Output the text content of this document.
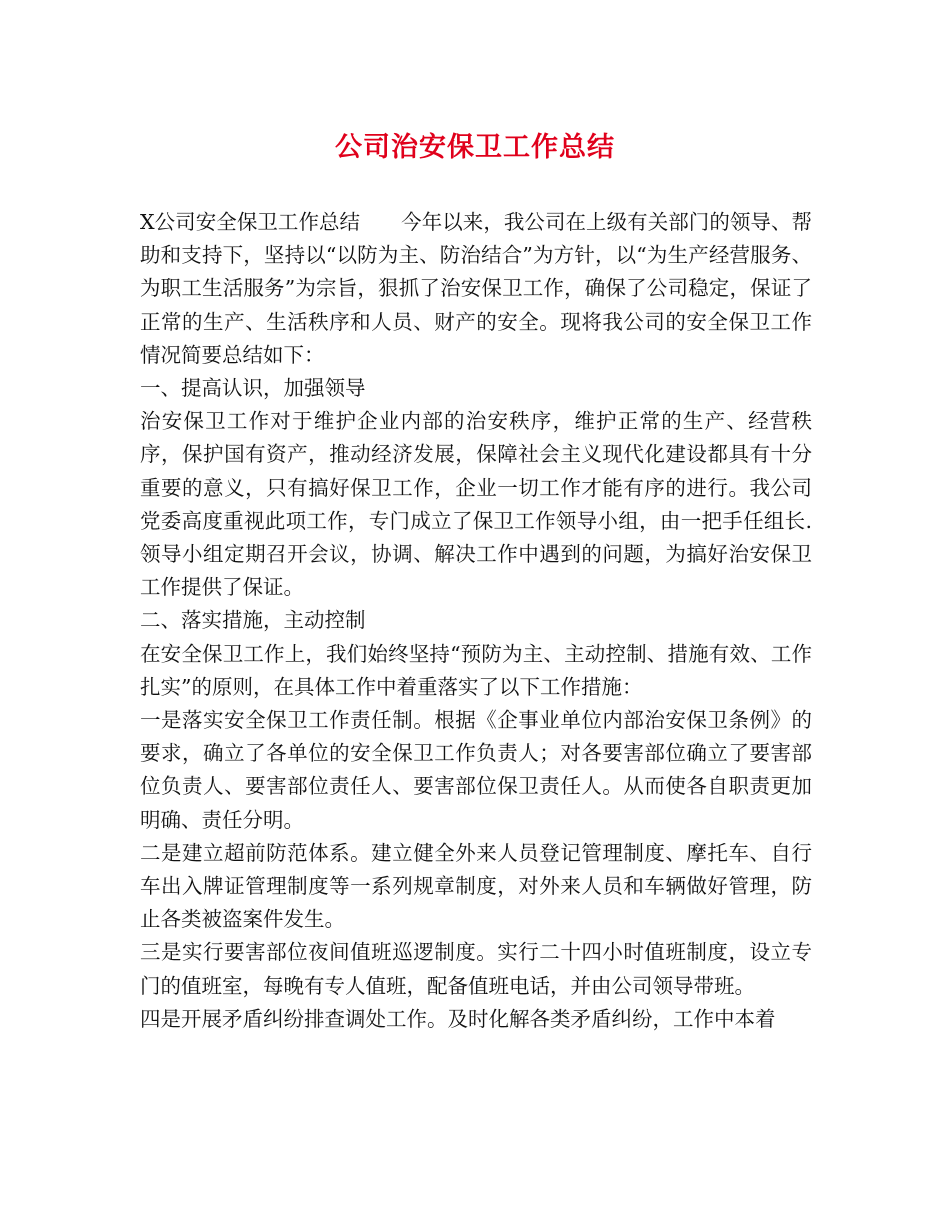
公司治安保卫工作总结

X公司安全保卫工作总结　　今年以来，我公司在上级有关部门的领导、帮助和支持下，坚持以“以防为主、防治结合”为方针，以“为生产经营服务、为职工生活服务”为宗旨，狠抓了治安保卫工作，确保了公司稳定，保证了正常的生产、生活秩序和人员、财产的安全。现将我公司的安全保卫工作情况简要总结如下：

一、提高认识，加强领导

治安保卫工作对于维护企业内部的治安秩序，维护正常的生产、经营秩序，保护国有资产，推动经济发展，保障社会主义现代化建设都具有十分重要的意义，只有搞好保卫工作，企业一切工作才能有序的进行。我公司党委高度重视此项工作，专门成立了保卫工作领导小组，由一把手任组长.领导小组定期召开会议，协调、解决工作中遇到的问题，为搞好治安保卫工作提供了保证。

二、落实措施，主动控制

在安全保卫工作上，我们始终坚持“预防为主、主动控制、措施有效、工作扎实”的原则，在具体工作中着重落实了以下工作措施：

一是落实安全保卫工作责任制。根据《企事业单位内部治安保卫条例》的要求，确立了各单位的安全保卫工作负责人；对各要害部位确立了要害部位负责人、要害部位责任人、要害部位保卫责任人。从而使各自职责更加明确、责任分明。

二是建立超前防范体系。建立健全外来人员登记管理制度、摩托车、自行车出入牌证管理制度等一系列规章制度，对外来人员和车辆做好管理，防止各类被盗案件发生。

三是实行要害部位夜间值班巡逻制度。实行二十四小时值班制度，设立专门的值班室，每晚有专人值班，配备值班电话，并由公司领导带班。

四是开展矛盾纠纷排查调处工作。及时化解各类矛盾纠纷，工作中本着
